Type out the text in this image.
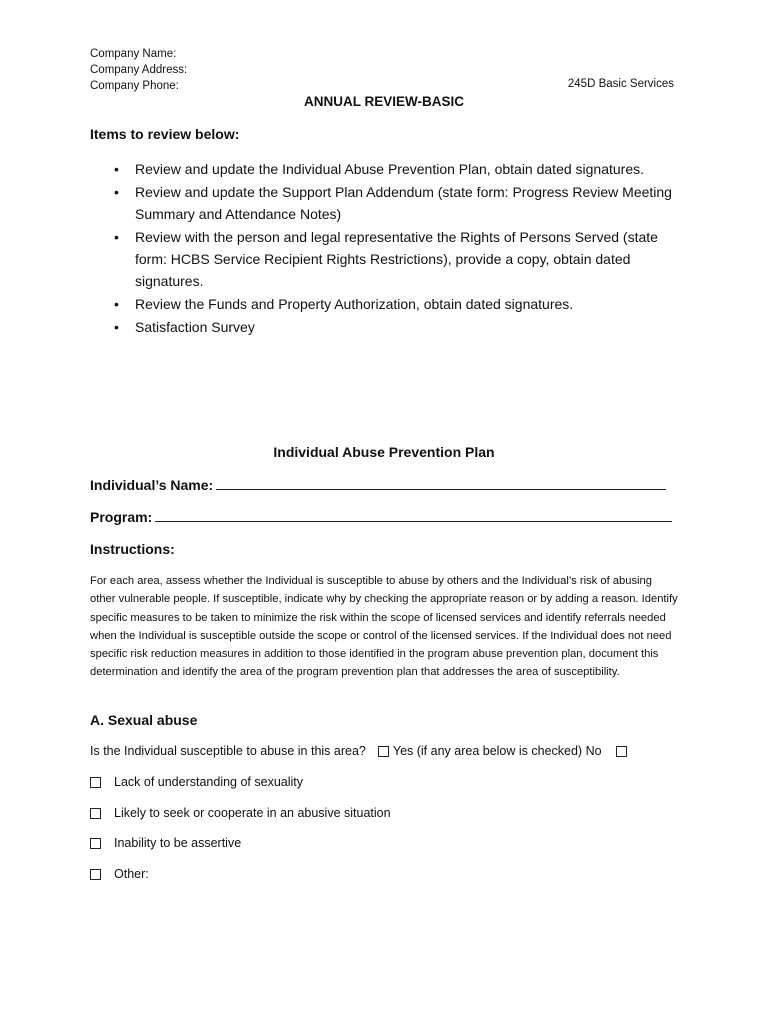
Company Name:
Company Address:
Company Phone:	245D Basic Services
ANNUAL REVIEW-BASIC
Items to review below:
• Review and update the Individual Abuse Prevention Plan, obtain dated signatures.
• Review and update the Support Plan Addendum (state form: Progress Review Meeting Summary and Attendance Notes)
• Review with the person and legal representative the Rights of Persons Served (state form: HCBS Service Recipient Rights Restrictions), provide a copy, obtain dated signatures.
• Review the Funds and Property Authorization, obtain dated signatures.
• Satisfaction Survey
Individual Abuse Prevention Plan
Individual’s Name:
Program:
Instructions:
For each area, assess whether the Individual is susceptible to abuse by others and the Individual’s risk of abusing other vulnerable people. If susceptible, indicate why by checking the appropriate reason or by adding a reason. Identify specific measures to be taken to minimize the risk within the scope of licensed services and identify referrals needed when the Individual is susceptible outside the scope or control of the licensed services. If the Individual does not need specific risk reduction measures in addition to those identified in the program abuse prevention plan, document this determination and identify the area of the program prevention plan that addresses the area of susceptibility.
A. Sexual abuse
Is the Individual susceptible to abuse in this area? Yes (if any area below is checked)
No
Lack of understanding of sexuality
Likely to seek or cooperate in an abusive situation
Inability to be assertive
Other:
